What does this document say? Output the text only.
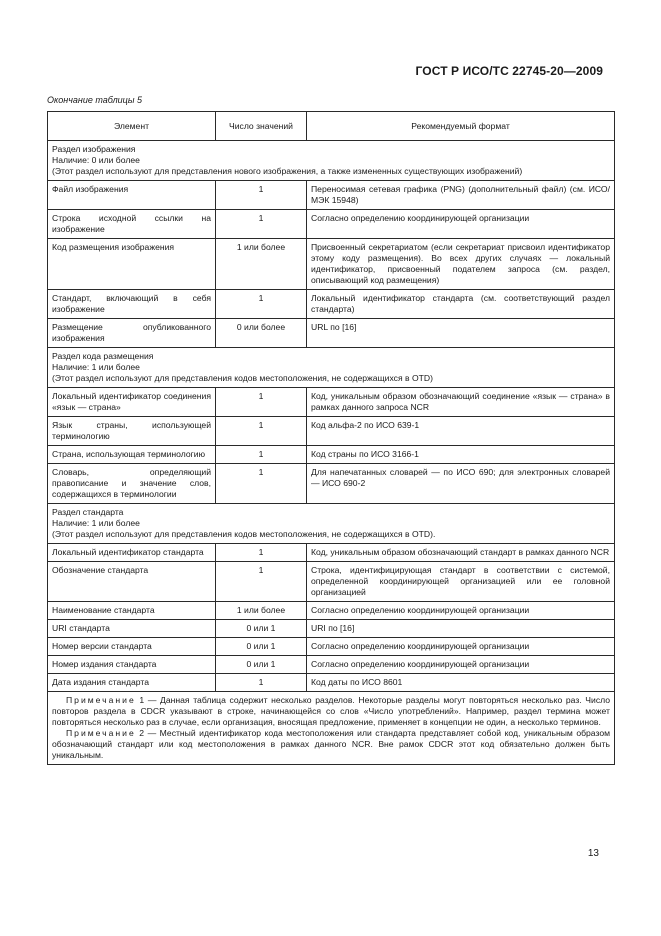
ГОСТ Р ИСО/ТС 22745-20—2009
Окончание таблицы 5
Элемент	Число значений	Рекомендуемый формат

Раздел изображения
Наличие: 0 или более
(Этот раздел используют для представления нового изображения, а также измененных существующих изображений)		

Файл изображения	1	Переносимая сетевая графика (PNG) (дополнительный файл) (см. ИСО/МЭК 15948)
Строка исходной ссылки на изображение	1	Согласно определению координирующей организации
Код размещения изображения	1 или более	Присвоенный секретариатом (если секретариат присвоил идентификатор этому коду размещения). Во всех других случаях — локальный идентификатор, присвоенный подателем запроса (см. раздел, описывающий код размещения)
Стандарт, включающий в себя изображение	1	Локальный идентификатор стандарта (см. соответствующий раздел стандарта)
Размещение опубликованного изображения	0 или более	URL по [16]

Раздел кода размещения
Наличие: 1 или более
(Этот раздел используют для представления кодов местоположения, не содержащихся в OTD)		

Локальный идентификатор соединения «язык — страна»	1	Код, уникальным образом обозначающий соединение «язык — страна» в рамках данного запроса NCR
Язык страны, использующей терминологию	1	Код альфа-2 по ИСО 639-1
Страна, использующая терминологию	1	Код страны по ИСО 3166-1
Словарь, определяющий правописание и значение слов, содержащихся в терминологии	1	Для напечатанных словарей — по ИСО 690; для электронных словарей — ИСО 690-2

Раздел стандарта
Наличие: 1 или более
(Этот раздел используют для представления кодов местоположения, не содержащихся в OTD).		

Локальный идентификатор стандарта	1	Код, уникальным образом обозначающий стандарт в рамках данного NCR
Обозначение стандарта	1	Строка, идентифицирующая стандарт в соответствии с системой, определенной координирующей организацией или ее головной организацией
Наименование стандарта	1 или более	Согласно определению координирующей организации
URI стандарта	0 или 1	URI по [16]
Номер версии стандарта	0 или 1	Согласно определению координирующей организации
Номер издания стандарта	0 или 1	Согласно определению координирующей организации
Дата издания стандарта	1	Код даты по ИСО 8601

Примечание 1 — Данная таблица содержит несколько разделов. Некоторые разделы могут повторяться несколько раз. Число повторов раздела в CDCR указывают в строке, начинающейся со слов «Число употреблений». Например, раздел термина может повторяться несколько раз в случае, если организация, вносящая предложение, применяет в концепции не один, а несколько терминов.

Примечание 2 — Местный идентификатор кода местоположения или стандарта представляет собой код, уникальным образом обозначающий стандарт или код местоположения в рамках данного NCR. Вне рамок CDCR этот код обязательно должен быть уникальным.		

13
